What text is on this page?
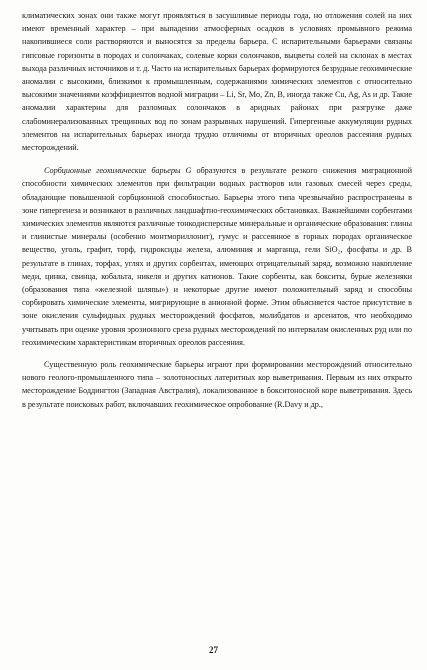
климатических зонах они также могут проявляться в засушливые периоды года, но отложения солей на них имеют временный характер – при выпадении атмосферных осадков в условиях промывного режима накопившиеся соли растворяются и выносятся за пределы барьера. С испарительными барьерами связаны гипсовые горизонты в породах и солончаках, солевые корки солончаков, выцветы солей на склонах в местах выхода различных источников и т. д. Часто на испарительных барьерах формируются безрудные геохимические аномалии с высокими, близкими к промышленным, содержаниями химических элементов с относительно высокими значениями коэффициентов водной миграции – Li, Sr, Mo, Zn, B, иногда также Cu, Ag, As и др. Такие аномалии характерны для разломных солончаков в аридных районах при разгрузке даже слабоминерализованных трещинных вод по зонам разрывных нарушений. Гипергенные аккумуляции рудных элементов на испарительных барьерах иногда трудно отличимы от вторичных ореолов рассеяния рудных месторождений.

Сорбционные геохимические барьеры G образуются в результате резкого снижения миграционной способности химических элементов при фильтрации водных растворов или газовых смесей через среды, обладающие повышенной сорбционной способностью. Барьеры этого типа чрезвычайно распространены в зоне гипергенеза и возникают в различных ландшафтно-геохимических обстановках. Важнейшими сорбентами химических элементов являются различные тонкодисперсные минеральные и органические образования: глины и глинистые минералы (особенно монтмориллонит), гумус и рассеянное в горных породах органическое вещество, уголь, графит, торф, гидроксиды железа, алюминия и марганца, гели SiO₂, фосфаты и др. В результате в глинах, торфах, углях и других сорбентах, имеющих отрицательный заряд, возможно накопление меди, цинка, свинца, кобальта, никеля и других катионов. Такие сорбенты, как бокситы, бурые железняки (образования типа «железной шляпы») и некоторые другие имеют положительный заряд и способны сорбировать химические элементы, мигрирующие в анионной форме. Этим объясняется частое присутствие в зоне окисления сульфидных рудных месторождений фосфатов, молибдатов и арсенатов, что необходимо учитывать при оценке уровня эрозионного среза рудных месторождений по интервалам окисленных руд или по геохимическим характеристикам вторичных ореолов рассеяния.

Существенную роль геохимические барьеры играют при формировании месторождений относительно нового геолого-промышленного типа – золотоносных латеритных кор выветривания. Первым из них открыто месторождение Боддингтон (Западная Австралия), локализованное в бокситоносной коре выветривания. Здесь в результате поисковых работ, включавших геохимическое опробование (R.Davy и др.,

27
